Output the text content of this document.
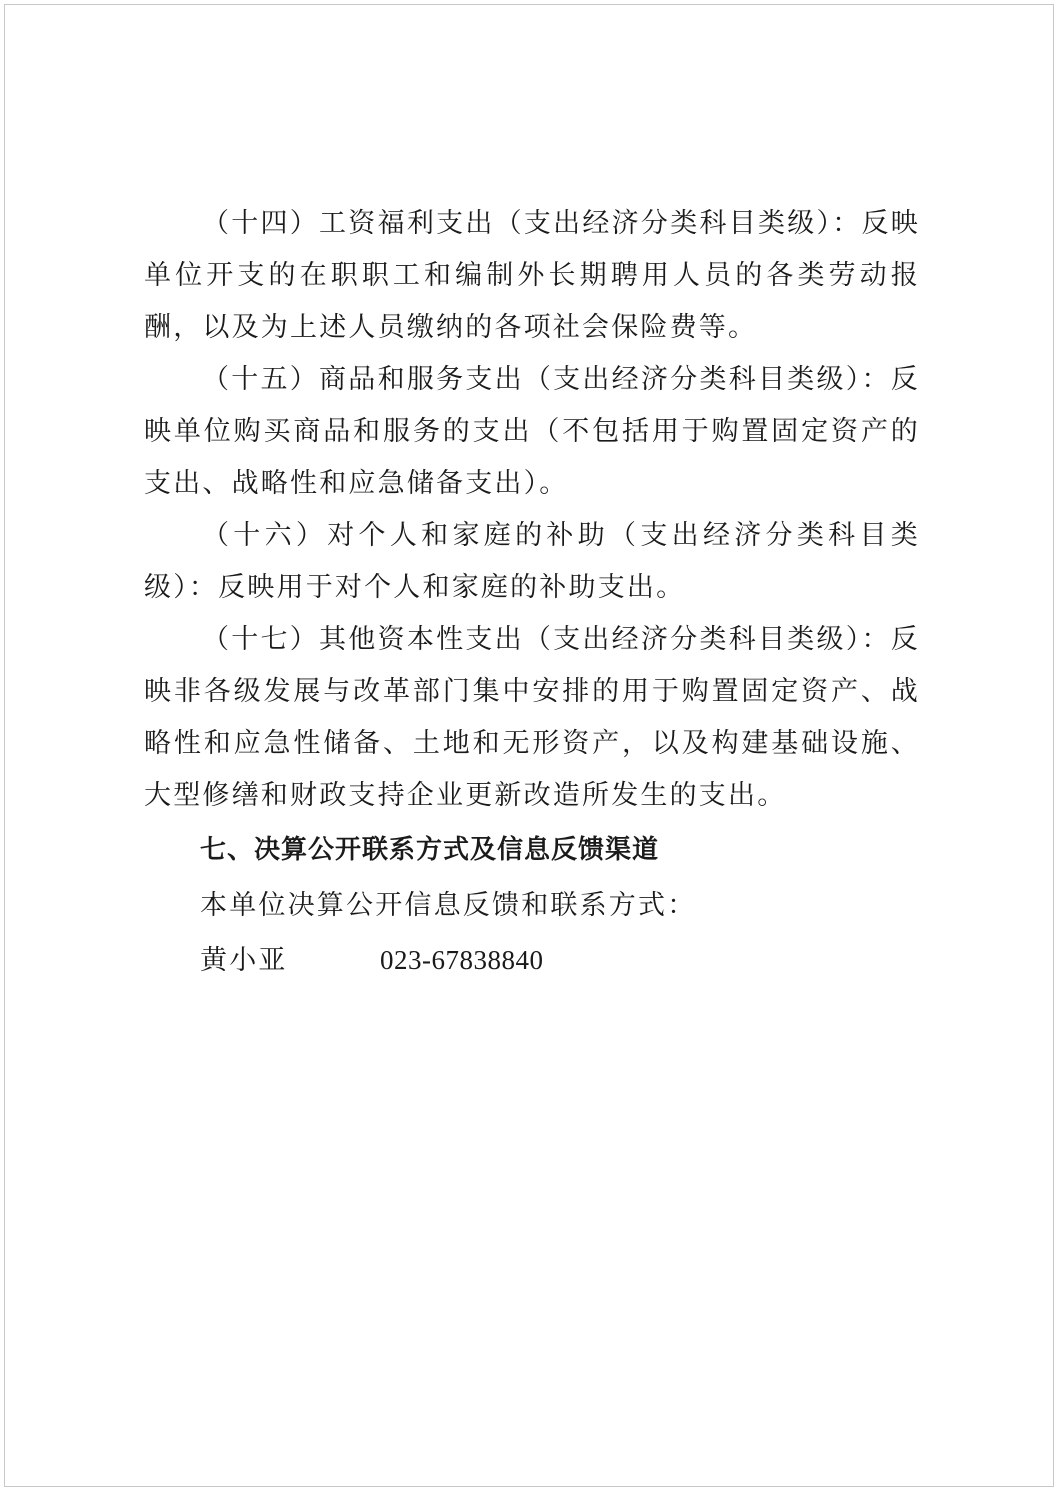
（十四）工资福利支出（支出经济分类科目类级）：反映单位开支的在职职工和编制外长期聘用人员的各类劳动报酬，以及为上述人员缴纳的各项社会保险费等。

（十五）商品和服务支出（支出经济分类科目类级）：反映单位购买商品和服务的支出（不包括用于购置固定资产的支出、战略性和应急储备支出）。

（十六）对个人和家庭的补助（支出经济分类科目类级）：反映用于对个人和家庭的补助支出。

（十七）其他资本性支出（支出经济分类科目类级）：反映非各级发展与改革部门集中安排的用于购置固定资产、战略性和应急性储备、土地和无形资产，以及构建基础设施、大型修缮和财政支持企业更新改造所发生的支出。

七、决算公开联系方式及信息反馈渠道

本单位决算公开信息反馈和联系方式：

黄小亚	023-67838840
